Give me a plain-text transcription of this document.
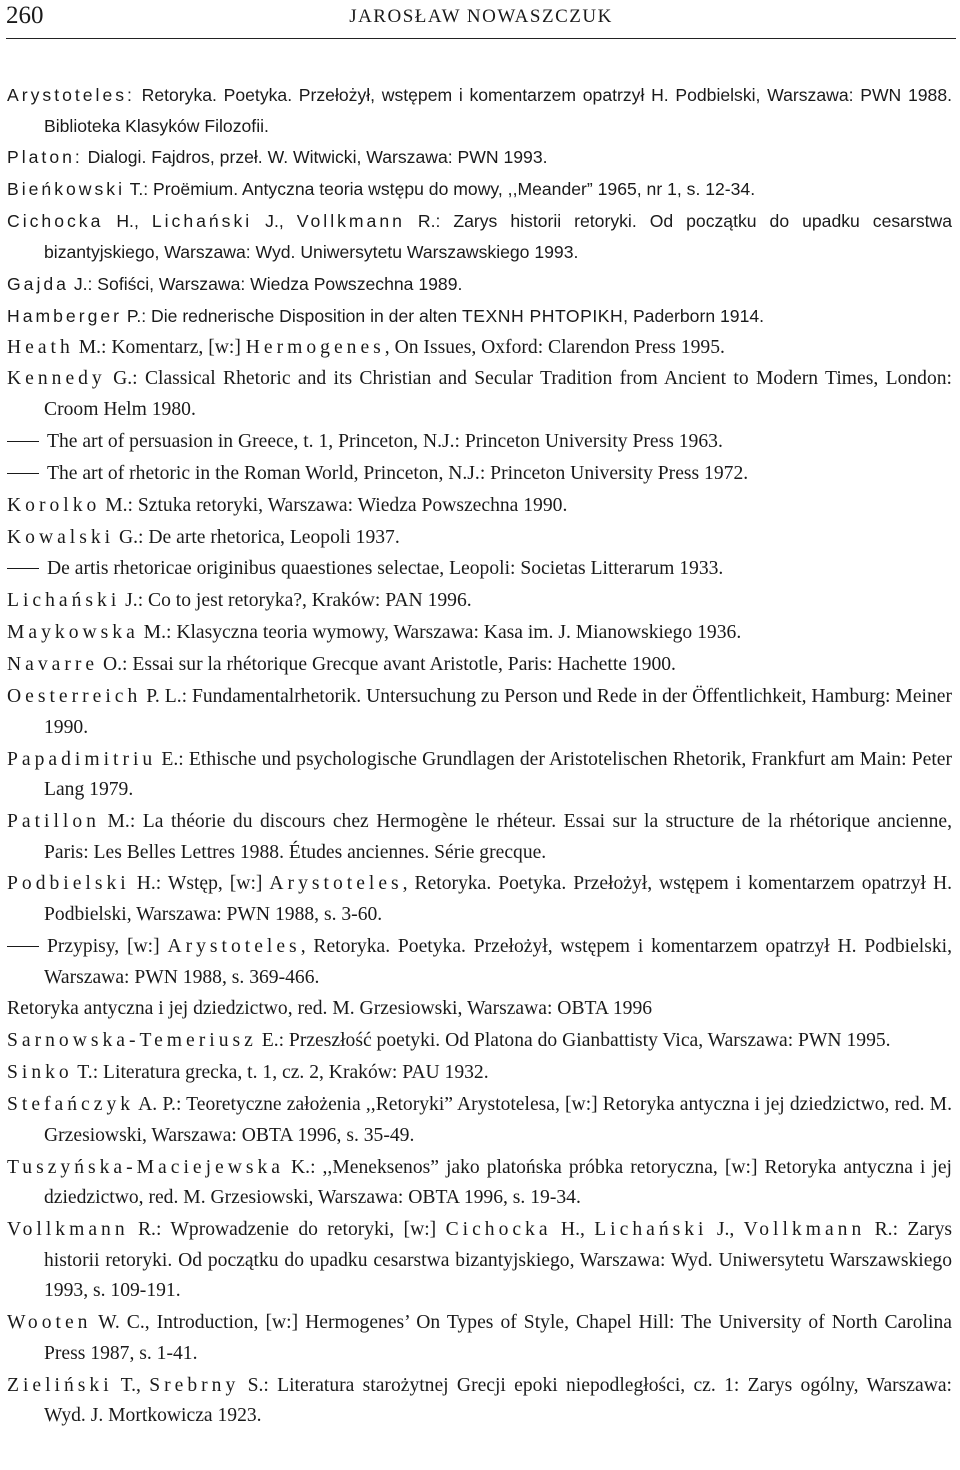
260	JAROSŁAW NOWASZCZUK

Arystoteles: Retoryka. Poetyka. Przełożył, wstępem i komentarzem opatrzył H. Podbielski, Warszawa: PWN 1988. Biblioteka Klasyków Filozofii.

Platon: Dialogi. Fajdros, przeł. W. Witwicki, Warszawa: PWN 1993.

Bieńkowski T.: Proëmium. Antyczna teoria wstępu do mowy, ,,Meander” 1965, nr 1, s. 12-34.

Cichocka H., Lichański J., Vollkmann R.: Zarys historii retoryki. Od początku do upadku cesarstwa bizantyjskiego, Warszawa: Wyd. Uniwersytetu Warszawskiego 1993.

Gajda J.: Sofiści, Warszawa: Wiedza Powszechna 1989.

Hamberger P.: Die rednerische Disposition in der alten TEXNH PHTOPIKH, Paderborn 1914.

Heath M.: Komentarz, [w:] Hermogenes, On Issues, Oxford: Clarendon Press 1995.

Kennedy G.: Classical Rhetoric and its Christian and Secular Tradition from Ancient to Modern Times, London: Croom Helm 1980.

The art of persuasion in Greece, t. 1, Princeton, N.J.: Princeton University Press 1963.

The art of rhetoric in the Roman World, Princeton, N.J.: Princeton University Press 1972.

Korolko M.: Sztuka retoryki, Warszawa: Wiedza Powszechna 1990.

Kowalski G.: De arte rhetorica, Leopoli 1937.

De artis rhetoricae originibus quaestiones selectae, Leopoli: Societas Litterarum 1933.

Lichański J.: Co to jest retoryka?, Kraków: PAN 1996.

Maykowska M.: Klasyczna teoria wymowy, Warszawa: Kasa im. J. Mianowskiego 1936.

Navarre O.: Essai sur la rhétorique Grecque avant Aristotle, Paris: Hachette 1900.

Oesterreich P. L.: Fundamentalrhetorik. Untersuchung zu Person und Rede in der Öffentlichkeit, Hamburg: Meiner 1990.

Papadimitriu E.: Ethische und psychologische Grundlagen der Aristotelischen Rhetorik, Frankfurt am Main: Peter Lang 1979.

Patillon M.: La théorie du discours chez Hermogène le rhéteur. Essai sur la structure de la rhétorique ancienne, Paris: Les Belles Lettres 1988. Études anciennes. Série grecque.

Podbielski H.: Wstęp, [w:] Arystoteles, Retoryka. Poetyka. Przełożył, wstępem i komentarzem opatrzył H. Podbielski, Warszawa: PWN 1988, s. 3-60.

Przypisy, [w:] Arystoteles, Retoryka. Poetyka. Przełożył, wstępem i komentarzem opatrzył H. Podbielski, Warszawa: PWN 1988, s. 369-466.

Retoryka antyczna i jej dziedzictwo, red. M. Grzesiowski, Warszawa: OBTA 1996

Sarnowska-Temeriusz E.: Przeszłość poetyki. Od Platona do Gianbattisty Vica, Warszawa: PWN 1995.

Sinko T.: Literatura grecka, t. 1, cz. 2, Kraków: PAU 1932.

Stefańczyk A. P.: Teoretyczne założenia ,,Retoryki” Arystotelesa, [w:] Retoryka antyczna i jej dziedzictwo, red. M. Grzesiowski, Warszawa: OBTA 1996, s. 35-49.

Tuszyńska-Maciejewska K.: ,,Meneksenos” jako platońska próbka retoryczna, [w:] Retoryka antyczna i jej dziedzictwo, red. M. Grzesiowski, Warszawa: OBTA 1996, s. 19-34.

Vollkmann R.: Wprowadzenie do retoryki, [w:] Cichocka H., Lichański J., Vollkmann R.: Zarys historii retoryki. Od początku do upadku cesarstwa bizantyjskiego, Warszawa: Wyd. Uniwersytetu Warszawskiego 1993, s. 109-191.

Wooten W. C., Introduction, [w:] Hermogenes’ On Types of Style, Chapel Hill: The University of North Carolina Press 1987, s. 1-41.

Zieliński T., Srebrny S.: Literatura starożytnej Grecji epoki niepodległości, cz. 1: Zarys ogólny, Warszawa: Wyd. J. Mortkowicza 1923.
